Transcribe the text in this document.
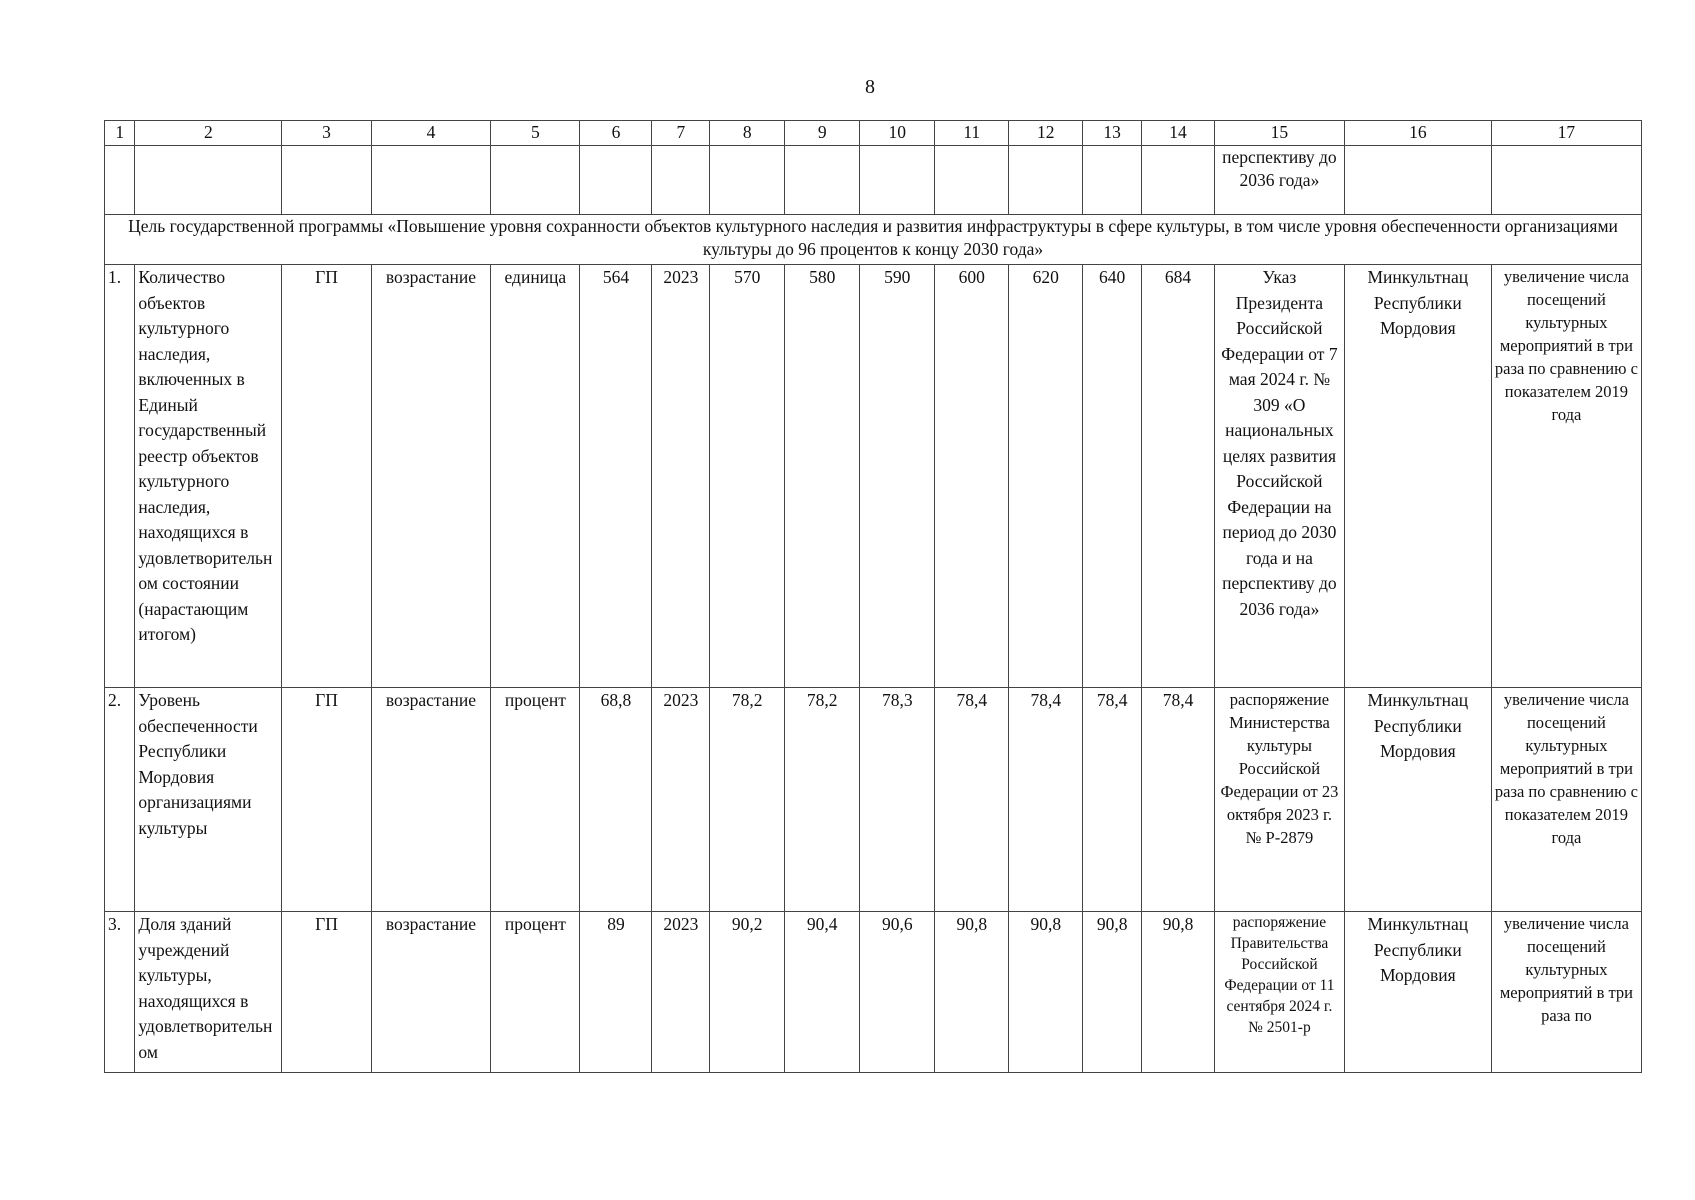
8
1	2	3	4	5	6	7	8	9	10	11	12	13	14	15	16	17
														перспективу до 2036 года»		
Цель государственной программы «Повышение уровня сохранности объектов культурного наследия и развития инфраструктуры в сфере культуры, в том числе уровня обеспеченности организациями культуры до 96 процентов к концу 2030 года»																
1.	Количество объектов культурного наследия, включенных в Единый государственный реестр объектов культурного наследия, находящихся в удовлетворительном состоянии (нарастающим итогом)	ГП	возрастание	единица	564	2023	570	580	590	600	620	640	684	Указ Президента Российской Федерации от 7 мая 2024 г. № 309 «О национальных целях развития Российской Федерации на период до 2030 года и на перспективу до 2036 года»	Минкультнац Республики Мордовия	увеличение числа посещений культурных мероприятий в три раза по сравнению с показателем 2019 года
2.	Уровень обеспеченности Республики Мордовия организациями культуры	ГП	возрастание	процент	68,8	2023	78,2	78,2	78,3	78,4	78,4	78,4	78,4	распоряжение Министерства культуры Российской Федерации от 23 октября 2023 г. № Р-2879	Минкультнац Республики Мордовия	увеличение числа посещений культурных мероприятий в три раза по сравнению с показателем 2019 года
3.	Доля зданий учреждений культуры, находящихся в удовлетворительном	ГП	возрастание	процент	89	2023	90,2	90,4	90,6	90,8	90,8	90,8	90,8	распоряжение Правительства Российской Федерации от 11 сентября 2024 г. № 2501-р	Минкультнац Республики Мордовия	увеличение числа посещений культурных мероприятий в три раза по
